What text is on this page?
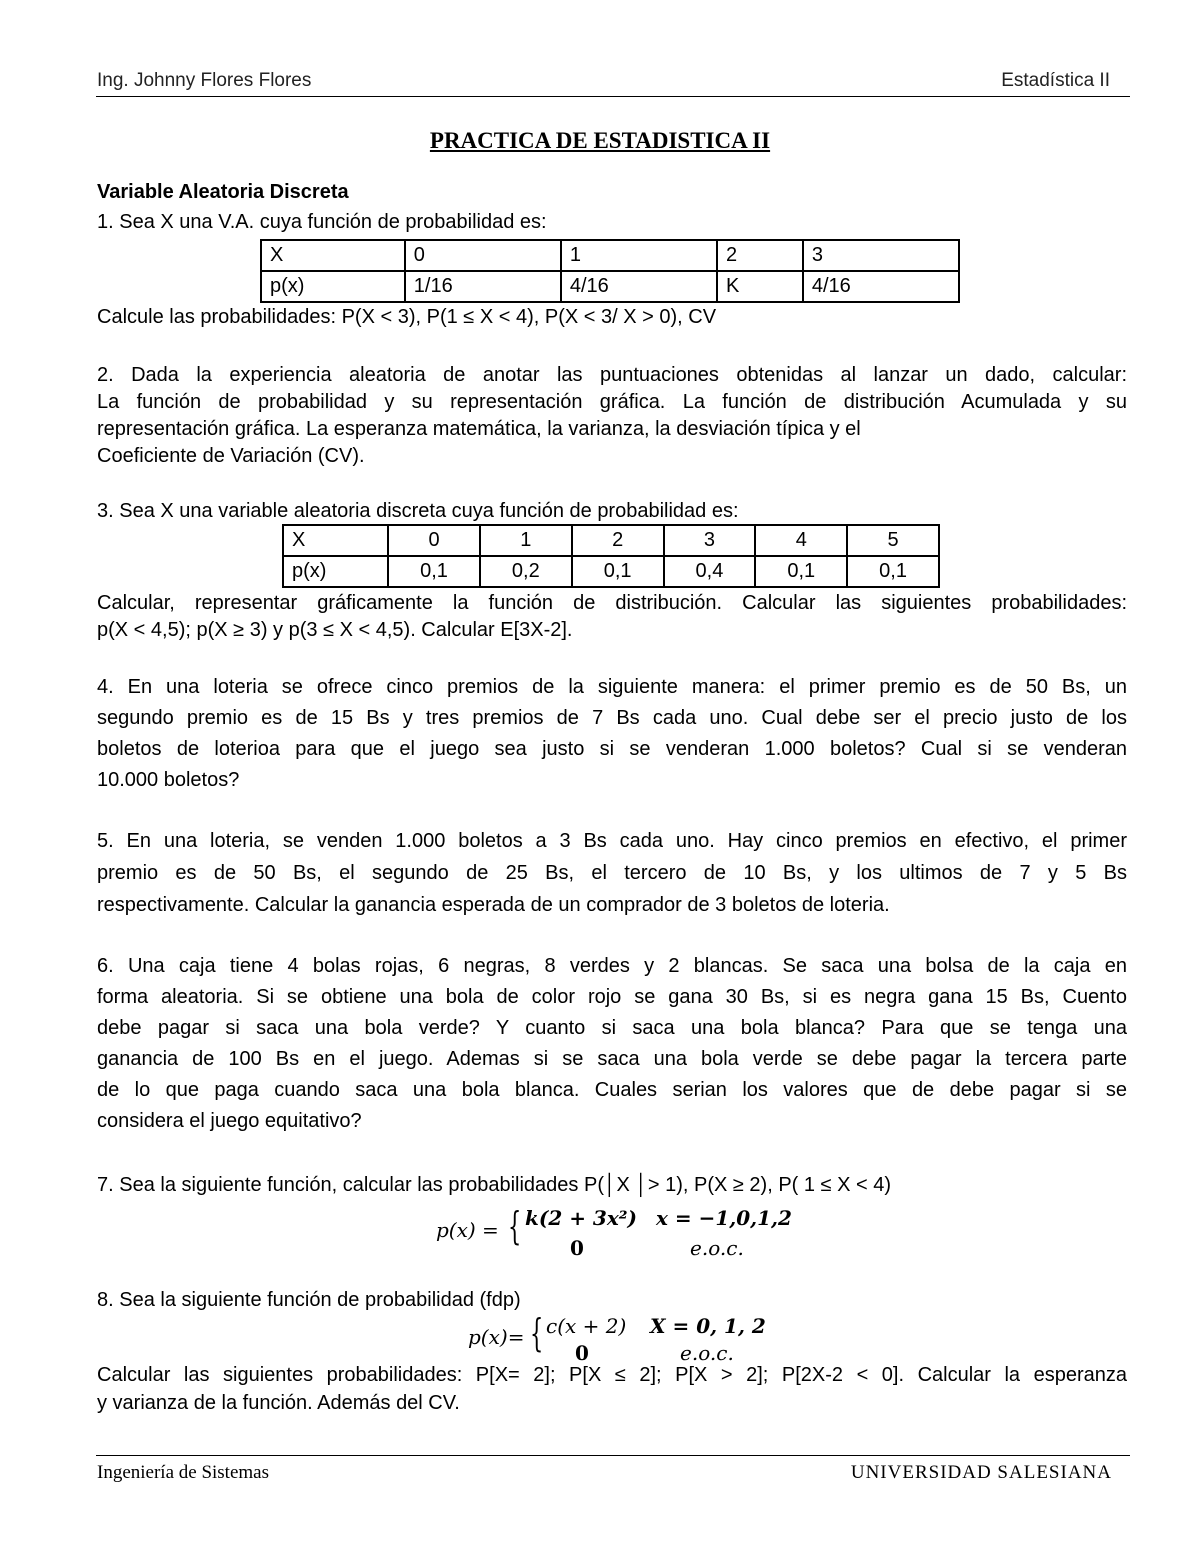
Ing. Johnny Flores Flores	Estadística II
PRACTICA DE ESTADISTICA II
Variable Aleatoria Discreta
1. Sea X una V.A. cuya función de probabilidad es:
X	0	1	2	3
p(x)	1/16	4/16	K	4/16
Calcule las probabilidades: P(X < 3), P(1 ≤ X < 4), P(X < 3/ X > 0), CV
2. Dada la experiencia aleatoria de anotar las puntuaciones obtenidas al lanzar un dado, calcular:
La función de probabilidad y su representación gráfica. La función de distribución Acumulada y su
representación gráfica. La esperanza matemática, la varianza, la desviación típica y el
Coeficiente de Variación (CV).
3. Sea X una variable aleatoria discreta cuya función de probabilidad es:
X	0	1	2	3	4	5
p(x)	0,1	0,2	0,1	0,4	0,1	0,1
Calcular, representar gráficamente la función de distribución. Calcular las siguientes probabilidades:
p(X < 4,5); p(X ≥ 3) y p(3 ≤ X < 4,5). Calcular E[3X-2].
4. En una loteria se ofrece cinco premios de la siguiente manera: el primer premio es de 50 Bs, un
segundo premio es de 15 Bs y tres premios de 7 Bs cada uno. Cual debe ser el precio justo de los
boletos de loterioa para que el juego sea justo si se venderan 1.000 boletos? Cual si se venderan
10.000 boletos?
5. En una loteria, se venden 1.000 boletos a 3 Bs cada uno. Hay cinco premios en efectivo, el primer
premio es de 50 Bs, el segundo de 25 Bs, el tercero de 10 Bs, y los ultimos de 7 y 5 Bs
respectivamente. Calcular la ganancia esperada de un comprador de 3 boletos de loteria.
6. Una caja tiene 4 bolas rojas, 6 negras, 8 verdes y 2 blancas. Se saca una bolsa de la caja en
forma aleatoria. Si se obtiene una bola de color rojo se gana 30 Bs, si es negra gana 15 Bs, Cuento
debe pagar si saca una bola verde? Y cuanto si saca una bola blanca? Para que se tenga una
ganancia de 100 Bs en el juego. Ademas si se saca una bola verde se debe pagar la tercera parte
de lo que paga cuando saca una bola blanca. Cuales serian los valores que de debe pagar si se
considera el juego equitativo?
7. Sea la siguiente función, calcular las probabilidades P(│X │> 1), P(X ≥ 2), P( 1 ≤ X < 4)
p(x) = { k(2 + 3x²) x = −1,0,1,2
0	e.o.c.
8. Sea la siguiente función de probabilidad (fdp)
p(x)= { c(x + 2) X = 0, 1, 2
0	e.o.c.
Calcular las siguientes probabilidades: P[X= 2]; P[X ≤ 2]; P[X > 2]; P[2X-2 < 0]. Calcular la esperanza
y varianza de la función. Además del CV.
Ingeniería de Sistemas	UNIVERSIDAD SALESIANA
